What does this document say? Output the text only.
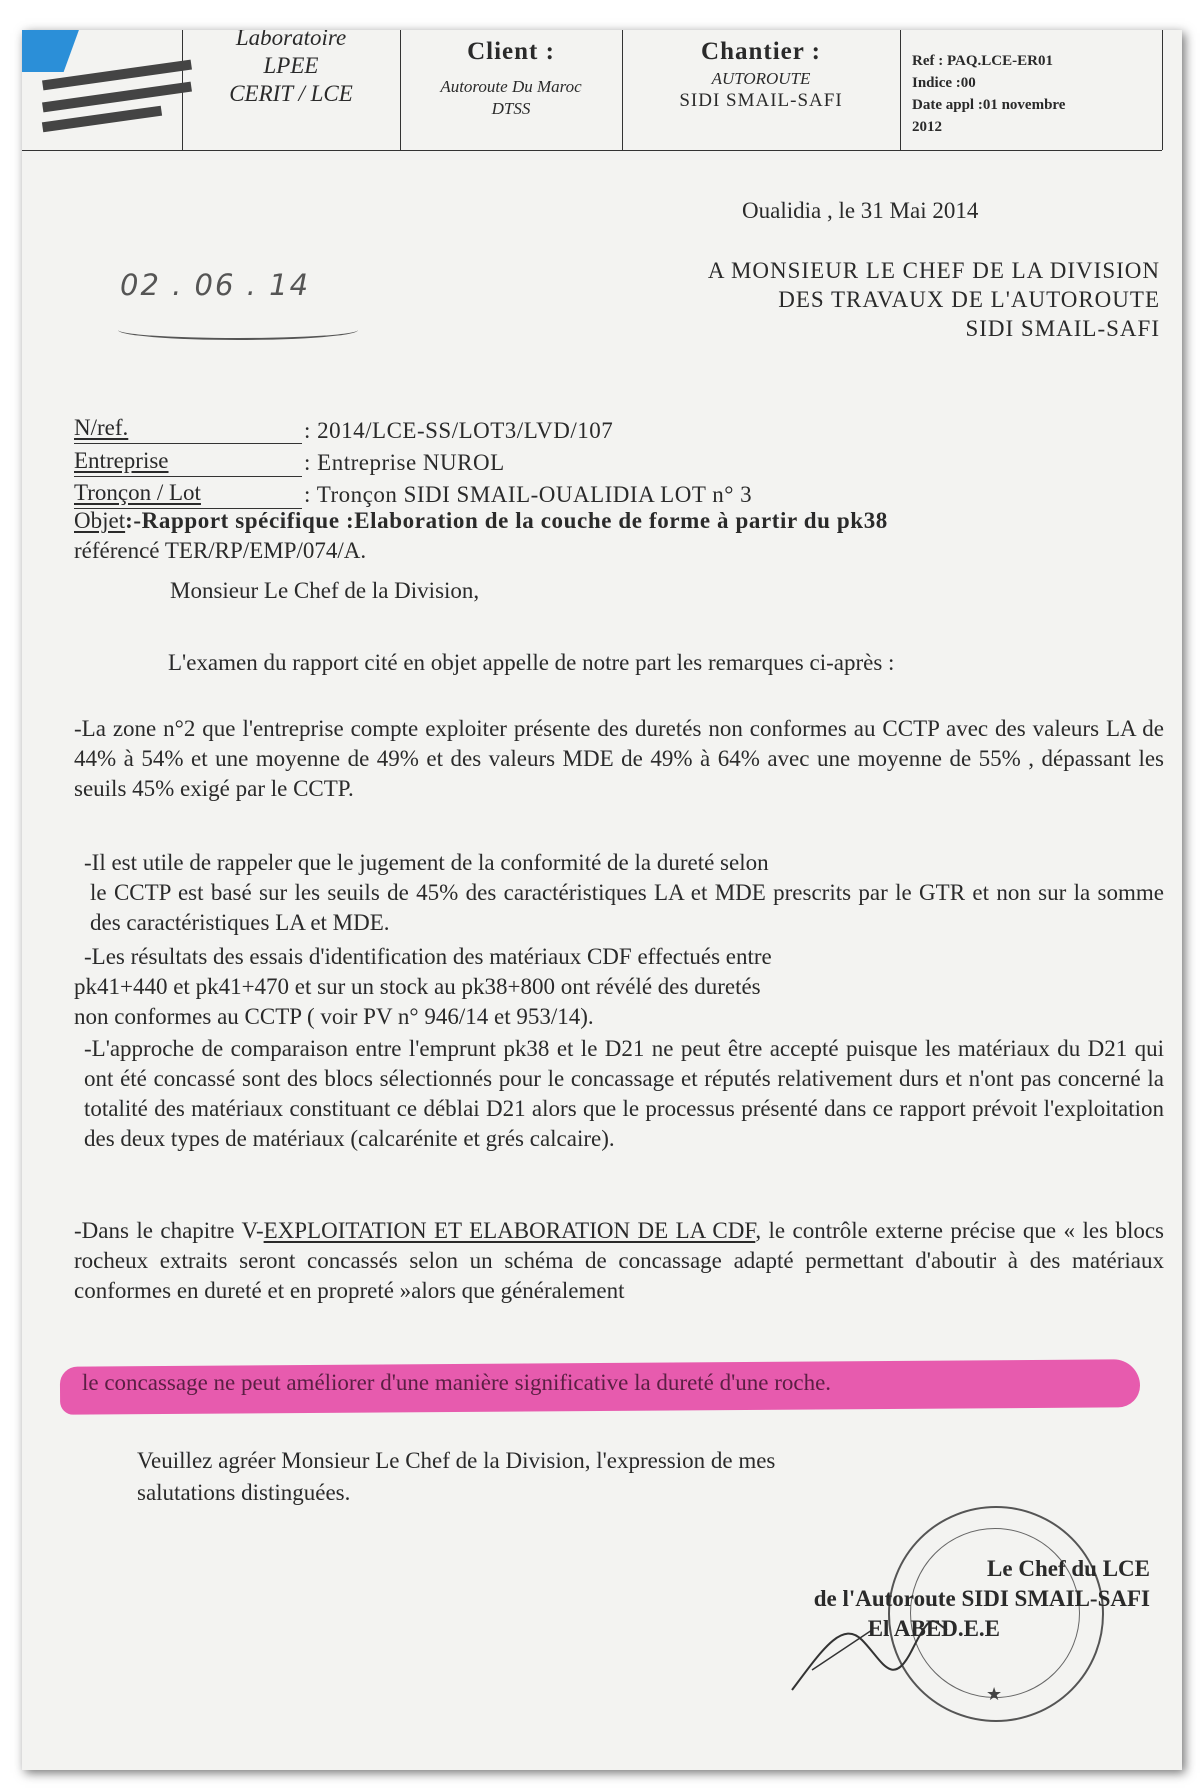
Laboratoire
LPEE
CERIT / LCE
Client :
Autoroute Du Maroc
DTSS
Chantier :
AUTOROUTE
SIDI SMAIL-SAFI
Ref : PAQ.LCE-ER01
Indice :00
Date appl :01 novembre
2012
Oualidia , le 31 Mai 2014
02 . 06 . 14	A MONSIEUR LE CHEF DE LA DIVISION
DES TRAVAUX DE L'AUTOROUTE
SIDI SMAIL-SAFI
N/ref.	: 2014/LCE-SS/LOT3/LVD/107
Entreprise	: Entreprise NUROL
Tronçon / Lot	: Tronçon SIDI SMAIL-OUALIDIA LOT n° 3
Objet:-Rapport spécifique :Elaboration de la couche de forme à partir du pk38
référencé TER/RP/EMP/074/A.
Monsieur Le Chef de la Division,
L'examen du rapport cité en objet appelle de notre part les remarques ci-après :

-La zone n°2 que l'entreprise compte exploiter présente des duretés non conformes au CCTP avec des valeurs LA de 44% à 54% et une moyenne de 49% et des valeurs MDE de 49% à 64% avec une moyenne de 55% , dépassant les seuils 45% exigé par le CCTP.

-Il est utile de rappeler que le jugement de la conformité de la dureté selon

le CCTP est basé sur les seuils de 45% des caractéristiques LA et MDE prescrits par le GTR et non sur la somme des caractéristiques LA et MDE.

-Les résultats des essais d'identification des matériaux CDF effectués entre

pk41+440 et pk41+470 et sur un stock au pk38+800 ont révélé des duretés

non conformes au CCTP ( voir PV n° 946/14 et 953/14).

-L'approche de comparaison entre l'emprunt pk38 et le D21 ne peut être accepté puisque les matériaux du D21 qui ont été concassé sont des blocs sélectionnés pour le concassage et réputés relativement durs et n'ont pas concerné la totalité des matériaux constituant ce déblai D21 alors que le processus présenté dans ce rapport prévoit l'exploitation des deux types de matériaux (calcarénite et grés calcaire).

-Dans le chapitre V-EXPLOITATION ET ELABORATION DE LA CDF, le contrôle externe précise que « les blocs rocheux extraits seront concassés selon un schéma de concassage adapté permettant d'aboutir à des matériaux conformes en dureté et en propreté »alors que généralement

le concassage ne peut améliorer d'une manière significative la dureté d'une roche.
Veuillez agréer Monsieur Le Chef de la Division, l'expression de mes
salutations distinguées.
★
Le Chef du LCE
de l'Autoroute SIDI SMAIL-SAFI
El ABED.E.E
